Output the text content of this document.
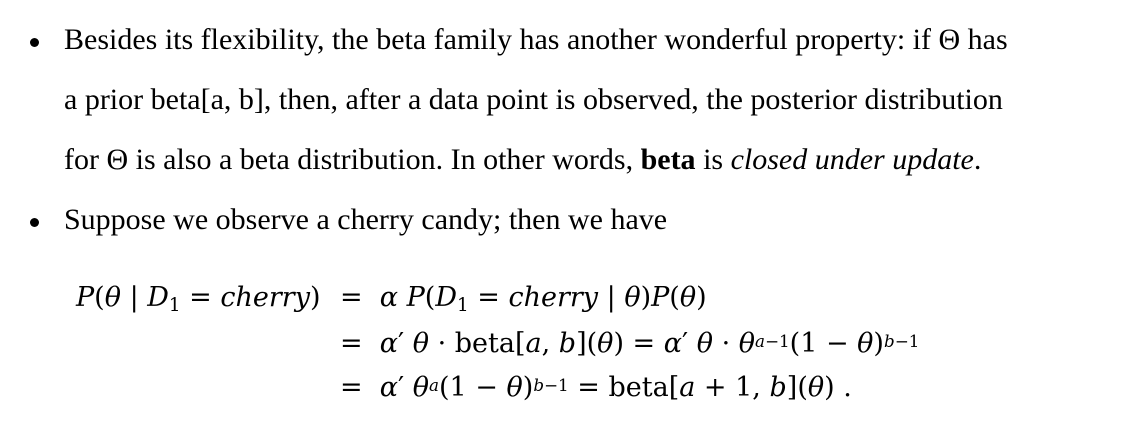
Besides its flexibility, the beta family has another wonderful property: if Θ has
a prior beta[a, b], then, after a data point is observed, the posterior distribution
for Θ is also a beta distribution. In other words, beta is closed under update.
Suppose we observe a cherry candy; then we have
P(θ | $D_1$ = cherry) =  α $P(D_1$ = cherry | θ)P(θ)
=  α′ θ · beta[a, b](θ) = α′ $\theta \cdot \theta^{a-1}(1 - \theta)^{b-1}$
=  α′ $\theta^a(1 - \theta)^{b-1}$ = beta[a + 1, b](θ) .
